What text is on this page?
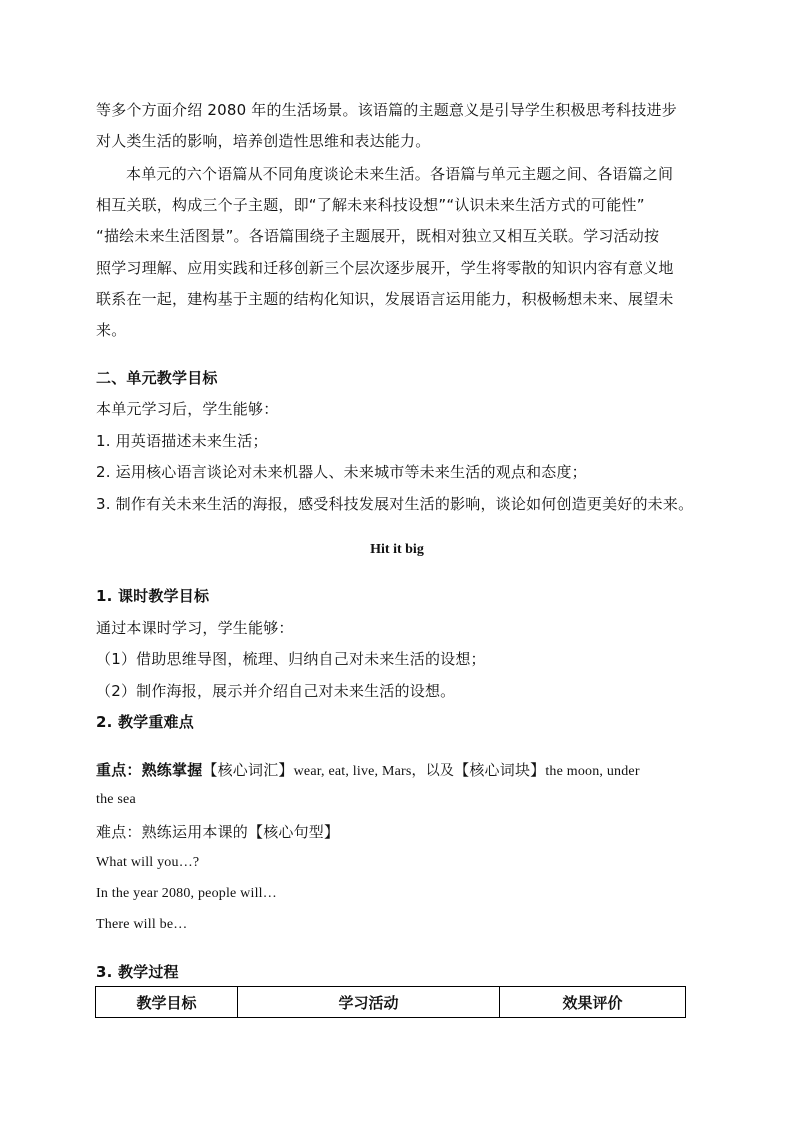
等多个方面介绍 2080 年的生活场景。该语篇的主题意义是引导学生积极思考科技进步
对人类生活的影响，培养创造性思维和表达能力。
本单元的六个语篇从不同角度谈论未来生活。各语篇与单元主题之间、各语篇之间
相互关联，构成三个子主题，即“了解未来科技设想”“认识未来生活方式的可能性”
“描绘未来生活图景”。各语篇围绕子主题展开，既相对独立又相互关联。学习活动按
照学习理解、应用实践和迁移创新三个层次逐步展开，学生将零散的知识内容有意义地
联系在一起，建构基于主题的结构化知识，发展语言运用能力，积极畅想未来、展望未
来。
二、单元教学目标
本单元学习后，学生能够：
1. 用英语描述未来生活；
2. 运用核心语言谈论对未来机器人、未来城市等未来生活的观点和态度；
3. 制作有关未来生活的海报，感受科技发展对生活的影响，谈论如何创造更美好的未来。
Hit it big
1. 课时教学目标
通过本课时学习，学生能够：
（1）借助思维导图，梳理、归纳自己对未来生活的设想；
（2）制作海报，展示并介绍自己对未来生活的设想。
2. 教学重难点
重点：熟练掌握【核心词汇】wear, eat, live, Mars，以及【核心词块】the moon, under
the sea
难点：熟练运用本课的【核心句型】
What will you…?
In the year 2080, people will…
There will be…
3. 教学过程
教学目标	学习活动	效果评价
